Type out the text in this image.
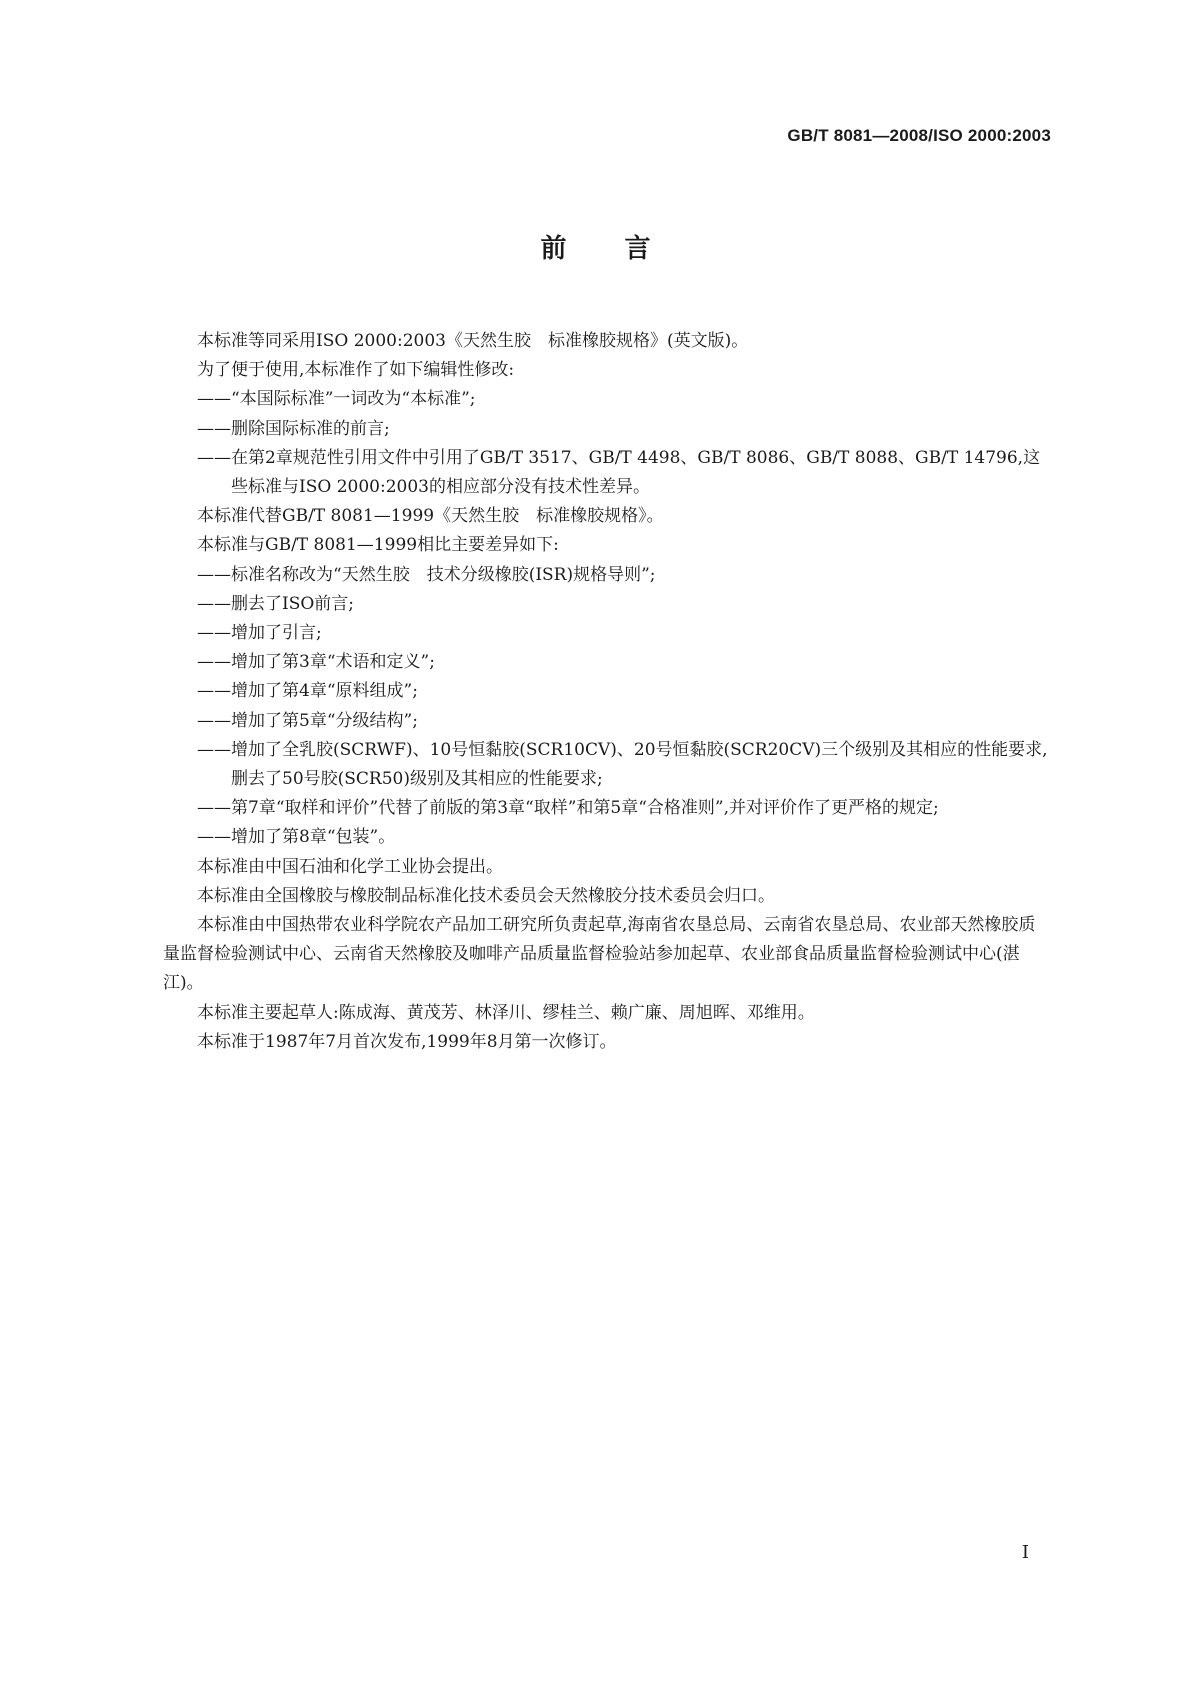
GB/T 8081—2008/ISO 2000:2003
前言

本标准等同采用ISO 2000:2003《天然生胶　标准橡胶规格》(英文版)。

为了便于使用,本标准作了如下编辑性修改:

——“本国际标准”一词改为“本标准”;

——删除国际标准的前言;

——在第2章规范性引用文件中引用了GB/T 3517、GB/T 4498、GB/T 8086、GB/T 8088、GB/T 14796,这些标准与ISO 2000:2003的相应部分没有技术性差异。

本标准代替GB/T 8081—1999《天然生胶　标准橡胶规格》。

本标准与GB/T 8081—1999相比主要差异如下:

——标准名称改为“天然生胶　技术分级橡胶(ISR)规格导则”;

——删去了ISO前言;

——增加了引言;

——增加了第3章“术语和定义”;

——增加了第4章“原料组成”;

——增加了第5章“分级结构”;

——增加了全乳胶(SCRWF)、10号恒黏胶(SCR10CV)、20号恒黏胶(SCR20CV)三个级别及其相应的性能要求,删去了50号胶(SCR50)级别及其相应的性能要求;

——第7章“取样和评价”代替了前版的第3章“取样”和第5章“合格准则”,并对评价作了更严格的规定;

——增加了第8章“包装”。

本标准由中国石油和化学工业协会提出。

本标准由全国橡胶与橡胶制品标准化技术委员会天然橡胶分技术委员会归口。

本标准由中国热带农业科学院农产品加工研究所负责起草,海南省农垦总局、云南省农垦总局、农业部天然橡胶质量监督检验测试中心、云南省天然橡胶及咖啡产品质量监督检验站参加起草、农业部食品质量监督检验测试中心(湛江)。

本标准主要起草人:陈成海、黄茂芳、林泽川、缪桂兰、赖广廉、周旭晖、邓维用。

本标准于1987年7月首次发布,1999年8月第一次修订。

I
